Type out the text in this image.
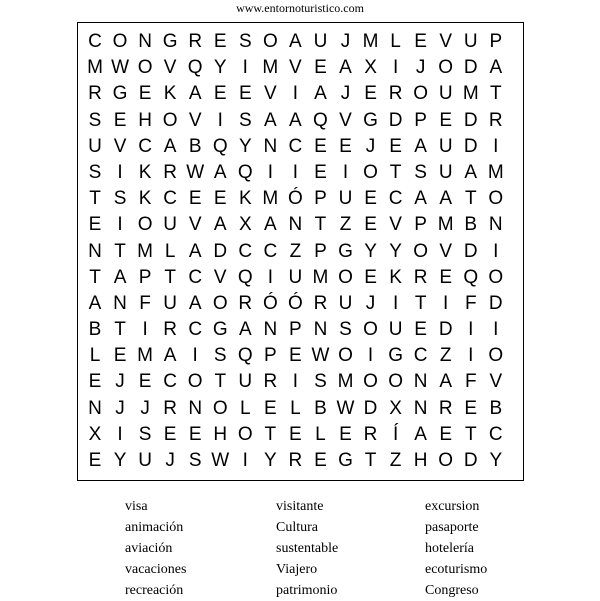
www.entornoturistico.com
C O N G R E S O A U J M L E V U P
M W O V Q Y I M V E A X I J O D A
R G E K A E E V I A J E R O U M T
S E H O V I S A A Q V G D P E D R
U V C A B Q Y N C E E J E A U D I
S I K R W A Q I	I E I O T S U A M
T S K C E E K M Ó P U E C A A T O
E I O U V A X A N T Z E V P M B N
N T M L A D C C Z P G Y Y O V D I
T A P T C V Q I U M O E K R E Q O
A N F U A O R Ó Ó R U J I T I F D
B T I R C G A N P N S O U E D I	I
L E M A I S Q P E W O I G C Z I O
E J E C O T U R I S M O O N A F V
N J J R N O L E L B W D X N R E B
X I S E E H O T E L E R Í A E T C
E Y U J S W I Y R E G T Z H O D Y
visa
animación
aviación
vacaciones
recreación
visitante
Cultura
sustentable
Viajero
patrimonio
excursion
pasaporte
hotelería
ecoturismo
Congreso
